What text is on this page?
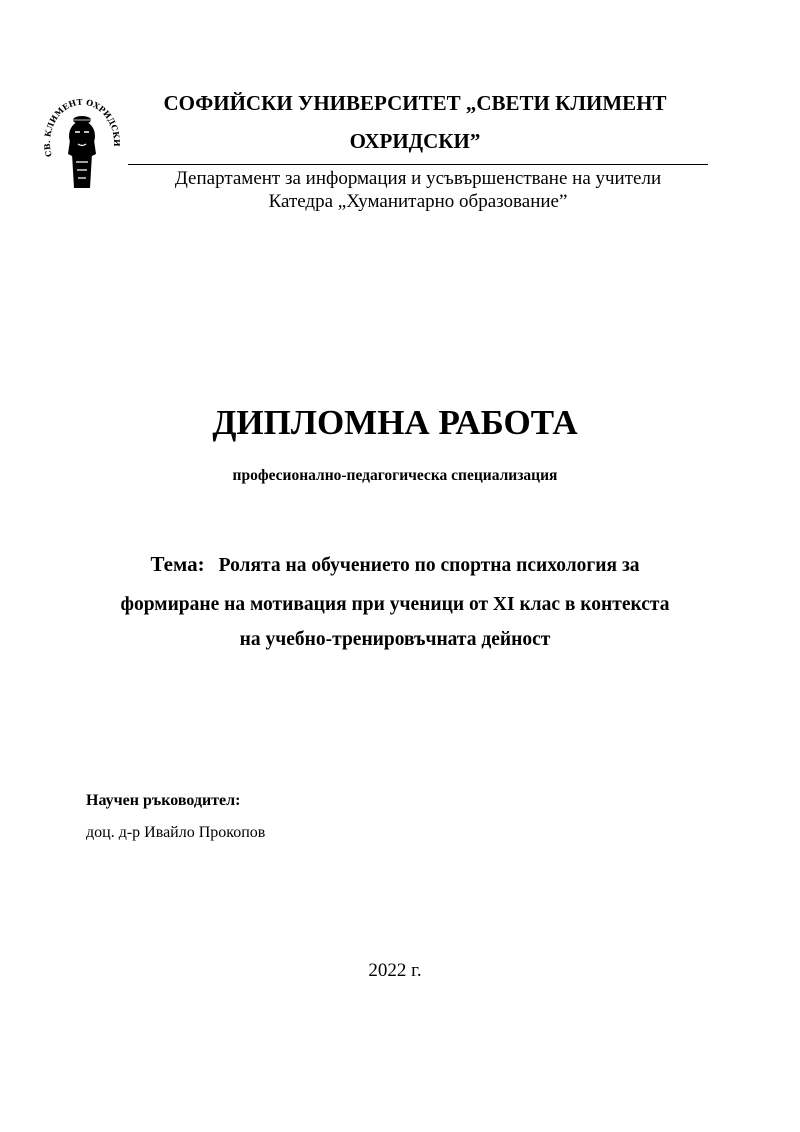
СВ. КЛИМЕНТ ОХРИДСКИ
СОФИЙСКИ УНИВЕРСИТЕТ „СВЕТИ КЛИМЕНТ
ОХРИДСКИ”
Департамент за информация и усъвършенстване на учители
Катедра „Хуманитарно образование”
ДИПЛОМНА РАБОТА
професионално-педагогическа специализация
Тема: Ролята на обучението по спортна психология за
формиране на мотивация при ученици от XI клас в контекста
на учебно-тренировъчната дейност
Научен ръководител:
доц. д-р Ивайло Прокопов
2022 г.
